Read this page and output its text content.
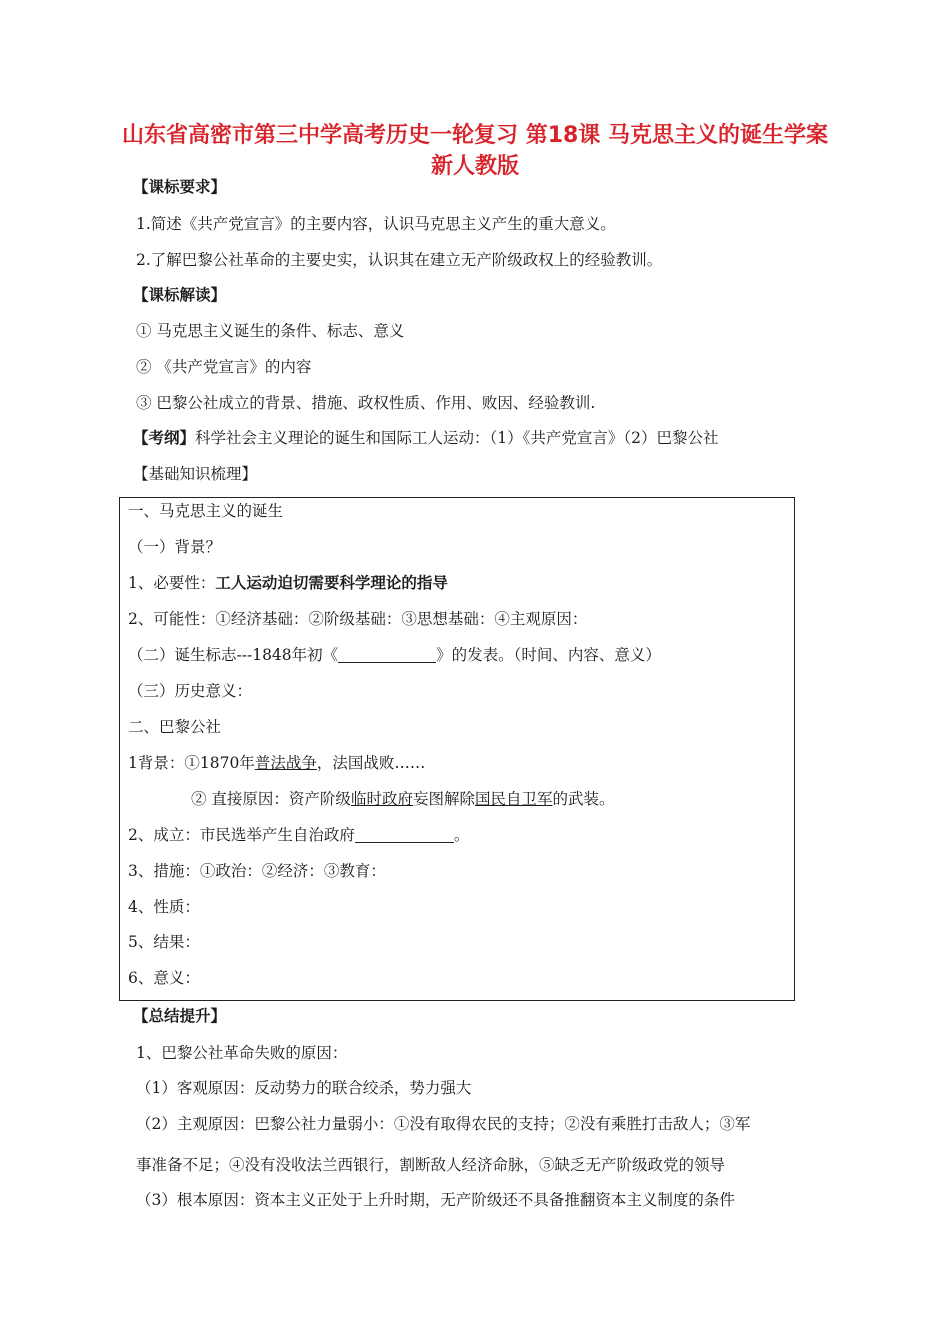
山东省高密市第三中学高考历史一轮复习 第18课 马克思主义的诞生学案 新人教版
【课标要求】
1.简述《共产党宣言》的主要内容，认识马克思主义产生的重大意义。
2.了解巴黎公社革命的主要史实，认识其在建立无产阶级政权上的经验教训。
【课标解读】
① 马克思主义诞生的条件、标志、意义
② 《共产党宣言》的内容
③ 巴黎公社成立的背景、措施、政权性质、作用、败因、经验教训.
【考纲】科学社会主义理论的诞生和国际工人运动：（1）《共产党宣言》（2）巴黎公社
【基础知识梳理】
一、马克思主义的诞生
（一）背景？
1、必要性：工人运动迫切需要科学理论的指导
2、可能性：①经济基础：②阶级基础：③思想基础：④主观原因：
（二）诞生标志---1848年初《	》的发表。（时间、内容、意义）
（三）历史意义：
二、巴黎公社
1背景：①1870年普法战争，法国战败……
② 直接原因：资产阶级临时政府妄图解除国民自卫军的武装。
2、成立：市民选举产生自治政府	。
3、措施：①政治：②经济：③教育：
4、性质：
5、结果：
6、意义：
【总结提升】
1、巴黎公社革命失败的原因：
（1）客观原因：反动势力的联合绞杀，势力强大
（2）主观原因：巴黎公社力量弱小：①没有取得农民的支持；②没有乘胜打击敌人；③军
事准备不足；④没有没收法兰西银行，割断敌人经济命脉，⑤缺乏无产阶级政党的领导
（3）根本原因：资本主义正处于上升时期，无产阶级还不具备推翻资本主义制度的条件
